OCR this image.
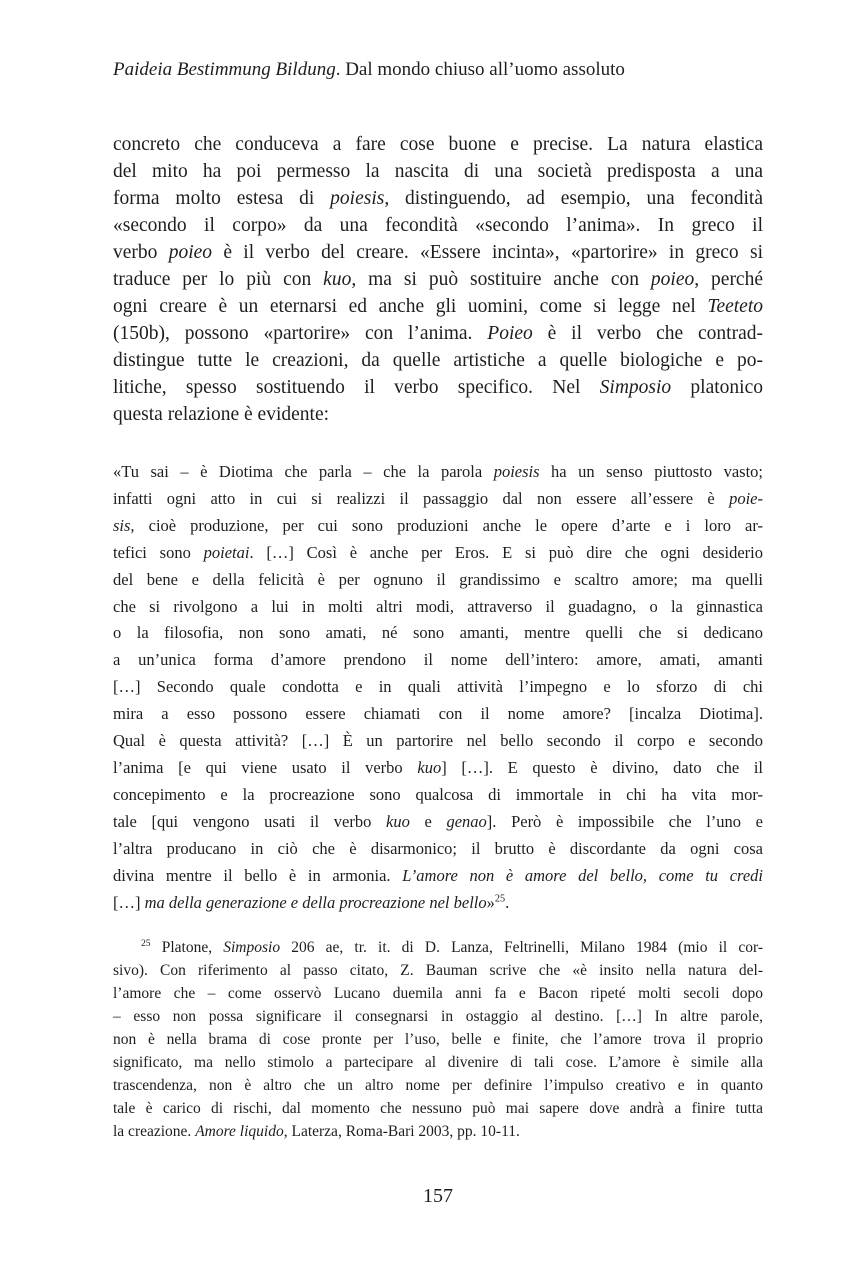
Paideia Bestimmung Bildung. Dal mondo chiuso all’uomo assoluto
concreto che conduceva a fare cose buone e precise. La natura elastica
del mito ha poi permesso la nascita di una società predisposta a una
forma molto estesa di poiesis, distinguendo, ad esempio, una fecondità
«secondo il corpo» da una fecondità «secondo l’anima». In greco il
verbo poieo è il verbo del creare. «Essere incinta», «partorire» in greco si
traduce per lo più con kuo, ma si può sostituire anche con poieo, perché
ogni creare è un eternarsi ed anche gli uomini, come si legge nel Teeteto
(150b), possono «partorire» con l’anima. Poieo è il verbo che contrad-
distingue tutte le creazioni, da quelle artistiche a quelle biologiche e po-
litiche, spesso sostituendo il verbo specifico. Nel Simposio platonico
questa relazione è evidente:
«Tu sai – è Diotima che parla – che la parola poiesis ha un senso piuttosto vasto;
infatti ogni atto in cui si realizzi il passaggio dal non essere all’essere è poie-
sis, cioè produzione, per cui sono produzioni anche le opere d’arte e i loro ar-
tefici sono poietai. […] Così è anche per Eros. E si può dire che ogni desiderio
del bene e della felicità è per ognuno il grandissimo e scaltro amore; ma quelli
che si rivolgono a lui in molti altri modi, attraverso il guadagno, o la ginnastica
o la filosofia, non sono amati, né sono amanti, mentre quelli che si dedicano
a un’unica forma d’amore prendono il nome dell’intero: amore, amati, amanti
[…] Secondo quale condotta e in quali attività l’impegno e lo sforzo di chi
mira a esso possono essere chiamati con il nome amore? [incalza Diotima].
Qual è questa attività? […] È un partorire nel bello secondo il corpo e secondo
l’anima [e qui viene usato il verbo kuo] […]. E questo è divino, dato che il
concepimento e la procreazione sono qualcosa di immortale in chi ha vita mor-
tale [qui vengono usati il verbo kuo e genao]. Però è impossibile che l’uno e
l’altra producano in ciò che è disarmonico; il brutto è discordante da ogni cosa
divina mentre il bello è in armonia. L’amore non è amore del bello, come tu credi
[…] ma della generazione e della procreazione nel bello»$^{25}$.
$^{25}$ Platone, Simposio 206 ae, tr. it. di D. Lanza, Feltrinelli, Milano 1984 (mio il cor-
sivo). Con riferimento al passo citato, Z. Bauman scrive che «è insito nella natura del-
l’amore che – come osservò Lucano duemila anni fa e Bacon ripeté molti secoli dopo
– esso non possa significare il consegnarsi in ostaggio al destino. […] In altre parole,
non è nella brama di cose pronte per l’uso, belle e finite, che l’amore trova il proprio
significato, ma nello stimolo a partecipare al divenire di tali cose. L’amore è simile alla
trascendenza, non è altro che un altro nome per definire l’impulso creativo e in quanto
tale è carico di rischi, dal momento che nessuno può mai sapere dove andrà a finire tutta
la creazione. Amore liquido, Laterza, Roma-Bari 2003, pp. 10-11.
157
